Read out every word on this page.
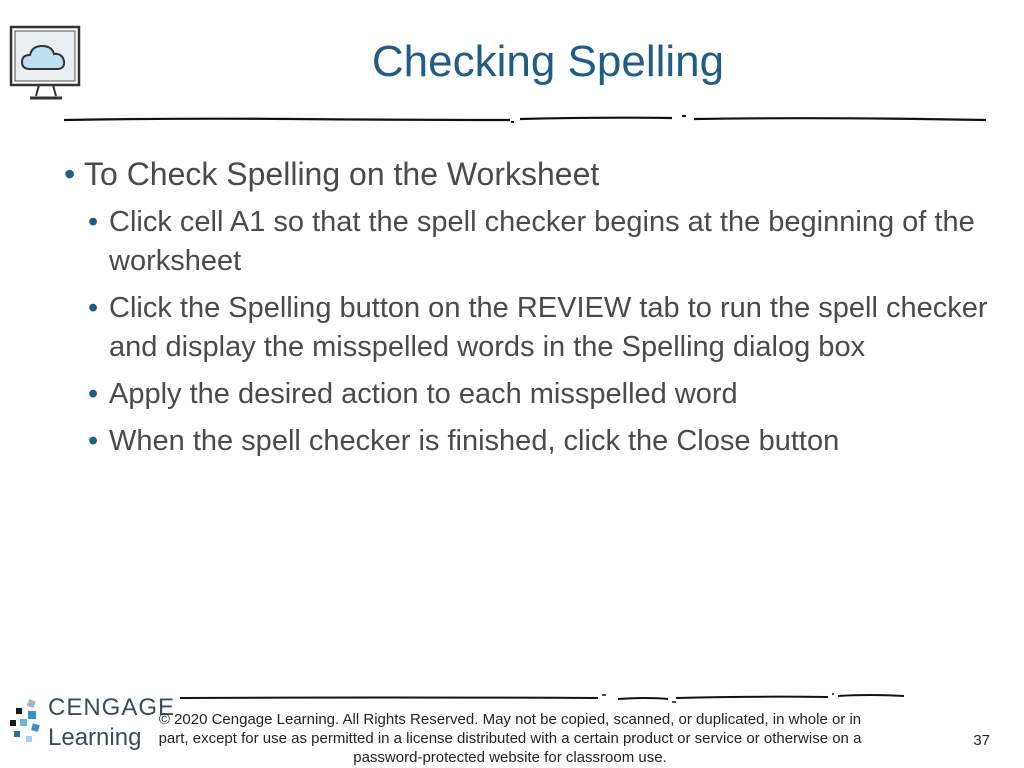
Checking Spelling
• To Check Spelling on the Worksheet
• Click cell A1 so that the spell checker begins at the beginning of the worksheet
• Click the Spelling button on the REVIEW tab to run the spell checker and display the misspelled words in the Spelling dialog box
• Apply the desired action to each misspelled word
• When the spell checker is finished, click the Close button
CENGAGE
Learning
© 2020 Cengage Learning. All Rights Reserved. May not be copied, scanned, or duplicated, in whole or in part, except for use as permitted in a license distributed with a certain product or service or otherwise on a password-protected website for classroom use.
37
